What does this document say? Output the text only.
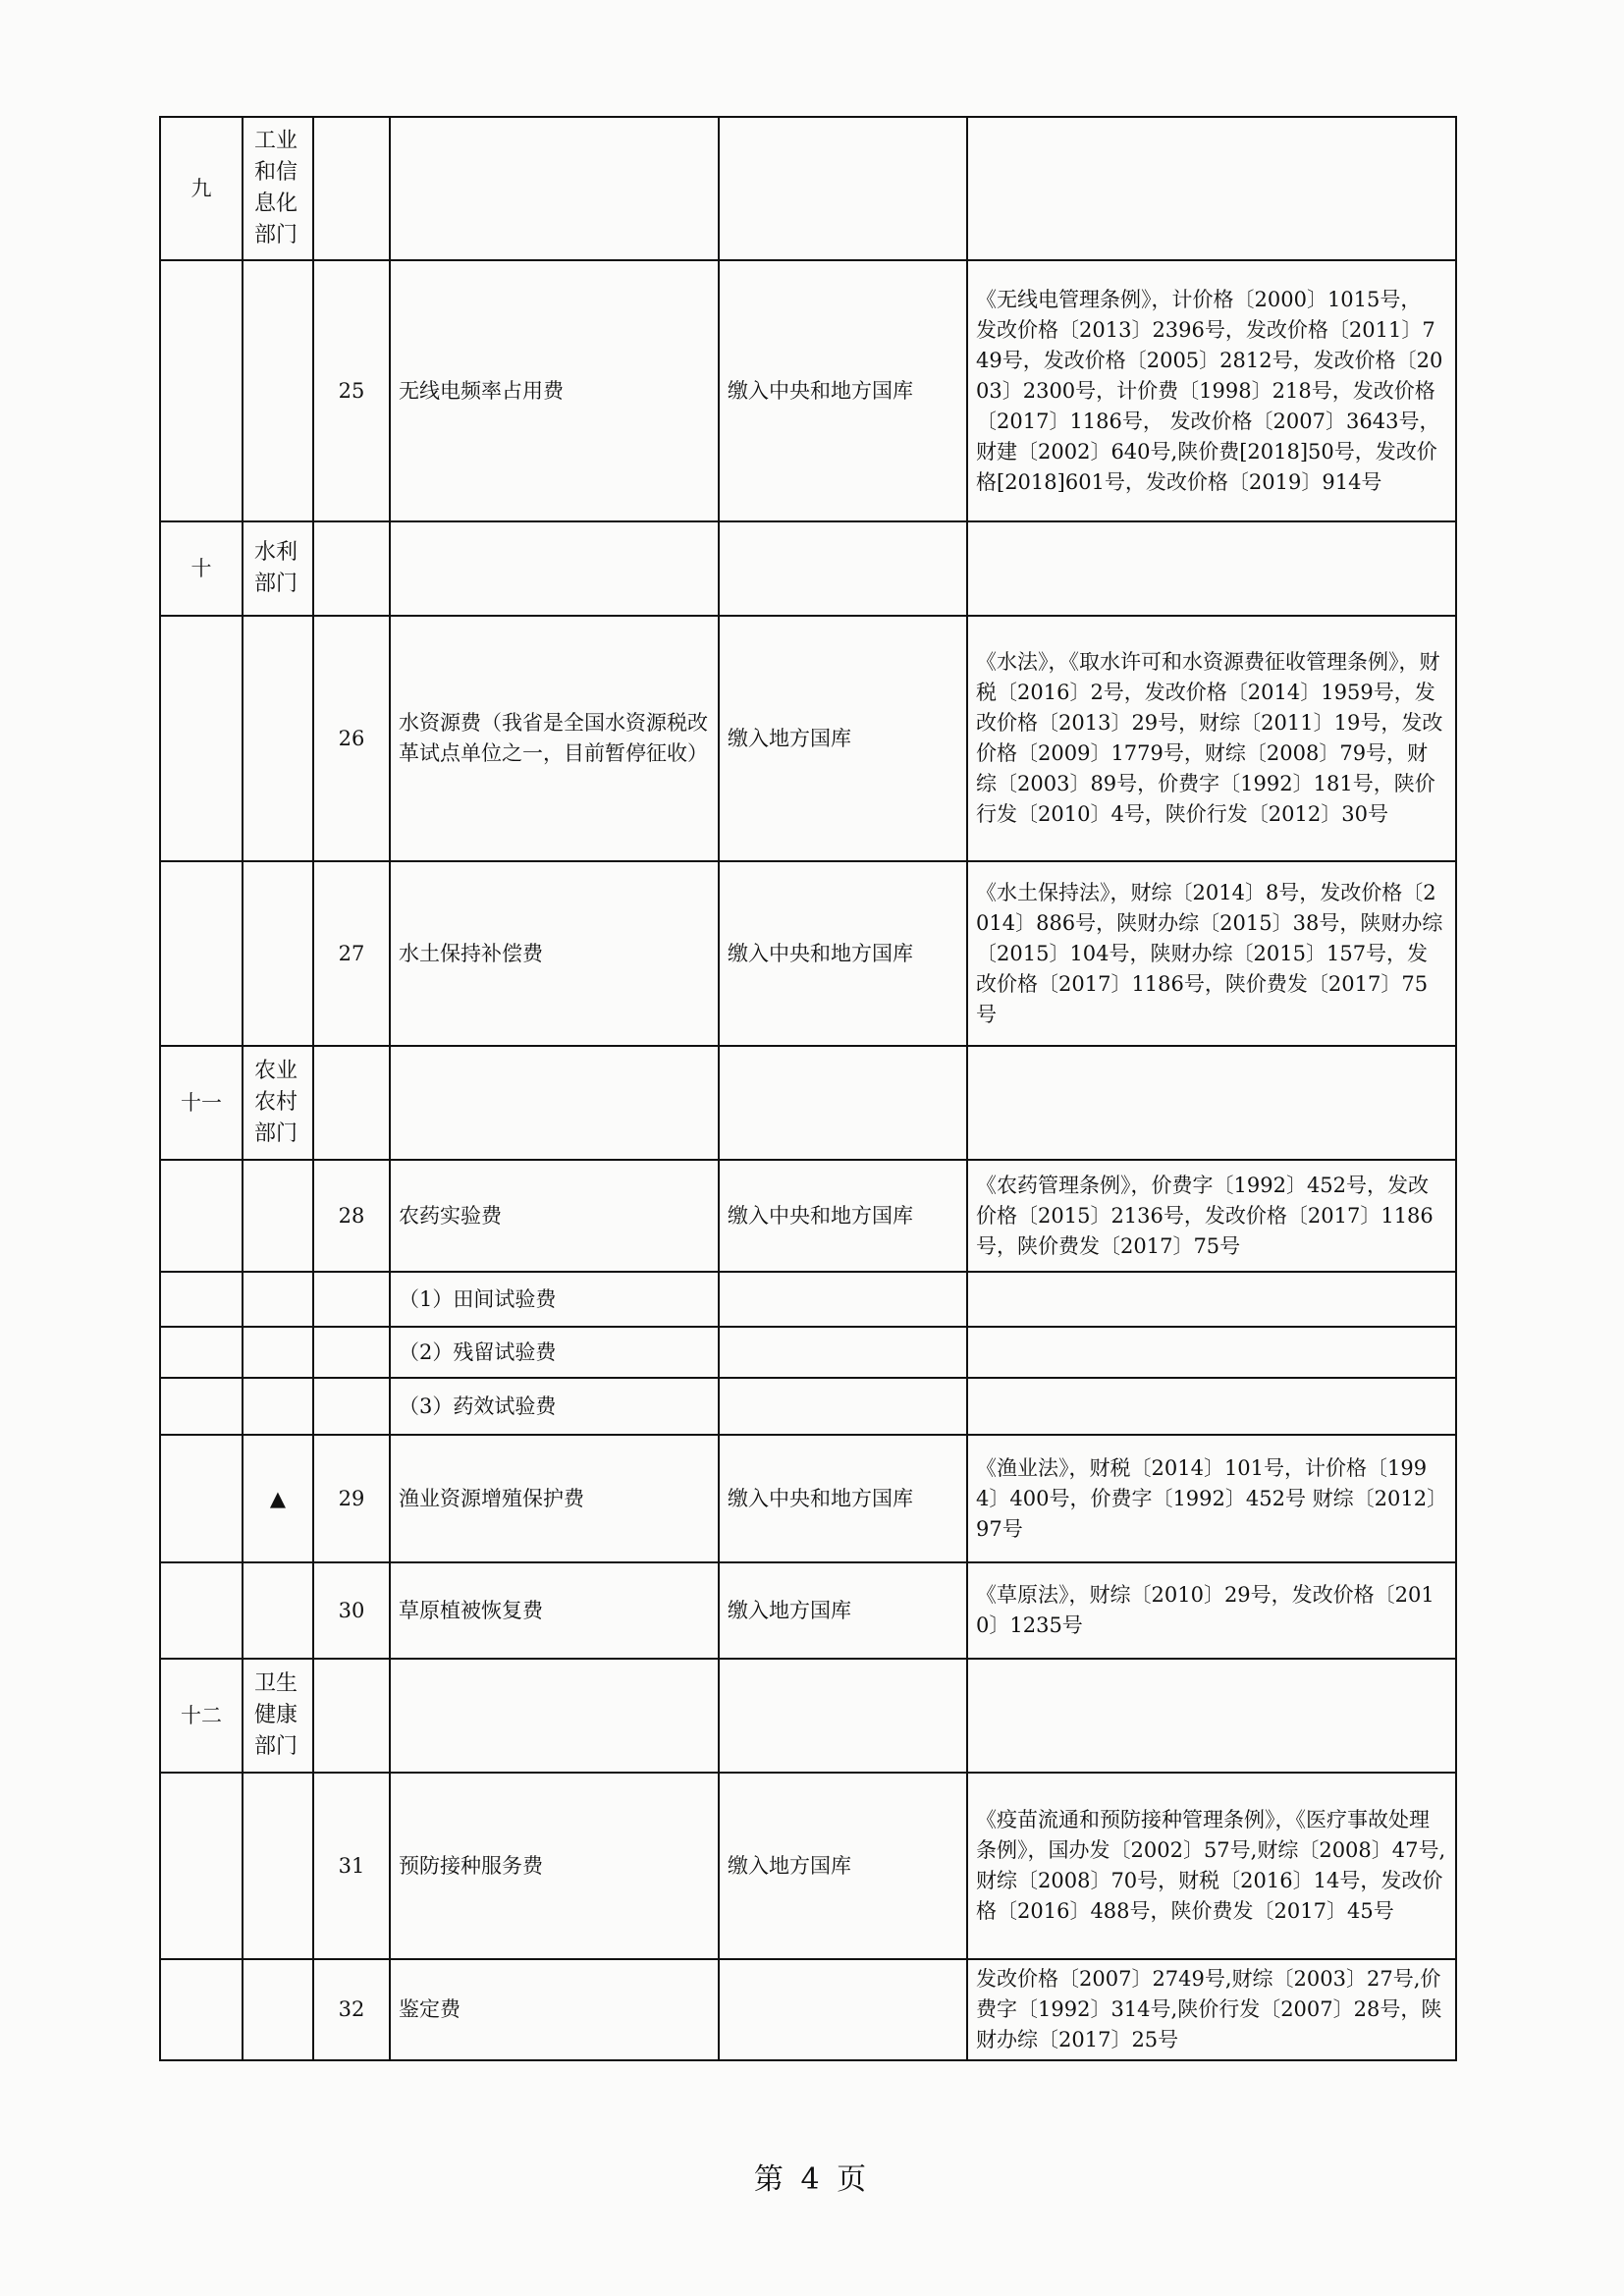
九	工业和信息化部门				

		25	无线电频率占用费	缴入中央和地方国库	《无线电管理条例》，计价格〔2000〕1015号， 发改价格〔2013〕2396号，发改价格〔2011〕749号，发改价格〔2005〕2812号，发改价格〔2003〕2300号，计价费〔1998〕218号，发改价格〔2017〕1186号， 发改价格〔2007〕3643号，财建〔2002〕640号,陕价费[2018]50号，发改价格[2018]601号，发改价格〔2019〕914号
十	水利部门				

		26	水资源费（我省是全国水资源税改革试点单位之一，目前暂停征收）	缴入地方国库	《水法》，《取水许可和水资源费征收管理条例》，财税〔2016〕2号，发改价格〔2014〕1959号，发改价格〔2013〕29号，财综〔2011〕19号，发改价格〔2009〕1779号，财综〔2008〕79号，财综〔2003〕89号，价费字〔1992〕181号，陕价行发〔2010〕4号，陕价行发〔2012〕30号
		27	水土保持补偿费	缴入中央和地方国库	《水土保持法》，财综〔2014〕8号，发改价格〔2014〕886号，陕财办综〔2015〕38号，陕财办综〔2015〕104号，陕财办综〔2015〕157号，发改价格〔2017〕1186号，陕价费发〔2017〕75号
十一	农业农村部门				

		28	农药实验费	缴入中央和地方国库	《农药管理条例》，价费字〔1992〕452号，发改价格〔2015〕2136号，发改价格〔2017〕1186号，陕价费发〔2017〕75号
			（1）田间试验费		
			（2）残留试验费		
			（3）药效试验费		
	▲	29	渔业资源增殖保护费	缴入中央和地方国库	《渔业法》，财税〔2014〕101号，计价格〔1994〕400号，价费字〔1992〕452号 财综〔2012〕97号
		30	草原植被恢复费	缴入地方国库	《草原法》，财综〔2010〕29号，发改价格〔2010〕1235号
十二	卫生健康部门				

		31	预防接种服务费	缴入地方国库	《疫苗流通和预防接种管理条例》，《医疗事故处理条例》，国办发〔2002〕57号,财综〔2008〕47号,财综〔2008〕70号，财税〔2016〕14号，发改价格〔2016〕488号，陕价费发〔2017〕45号
		32	鉴定费		发改价格〔2007〕2749号,财综〔2003〕27号,价费字〔1992〕314号,陕价行发〔2007〕28号，陕财办综〔2017〕25号
第 4 页
